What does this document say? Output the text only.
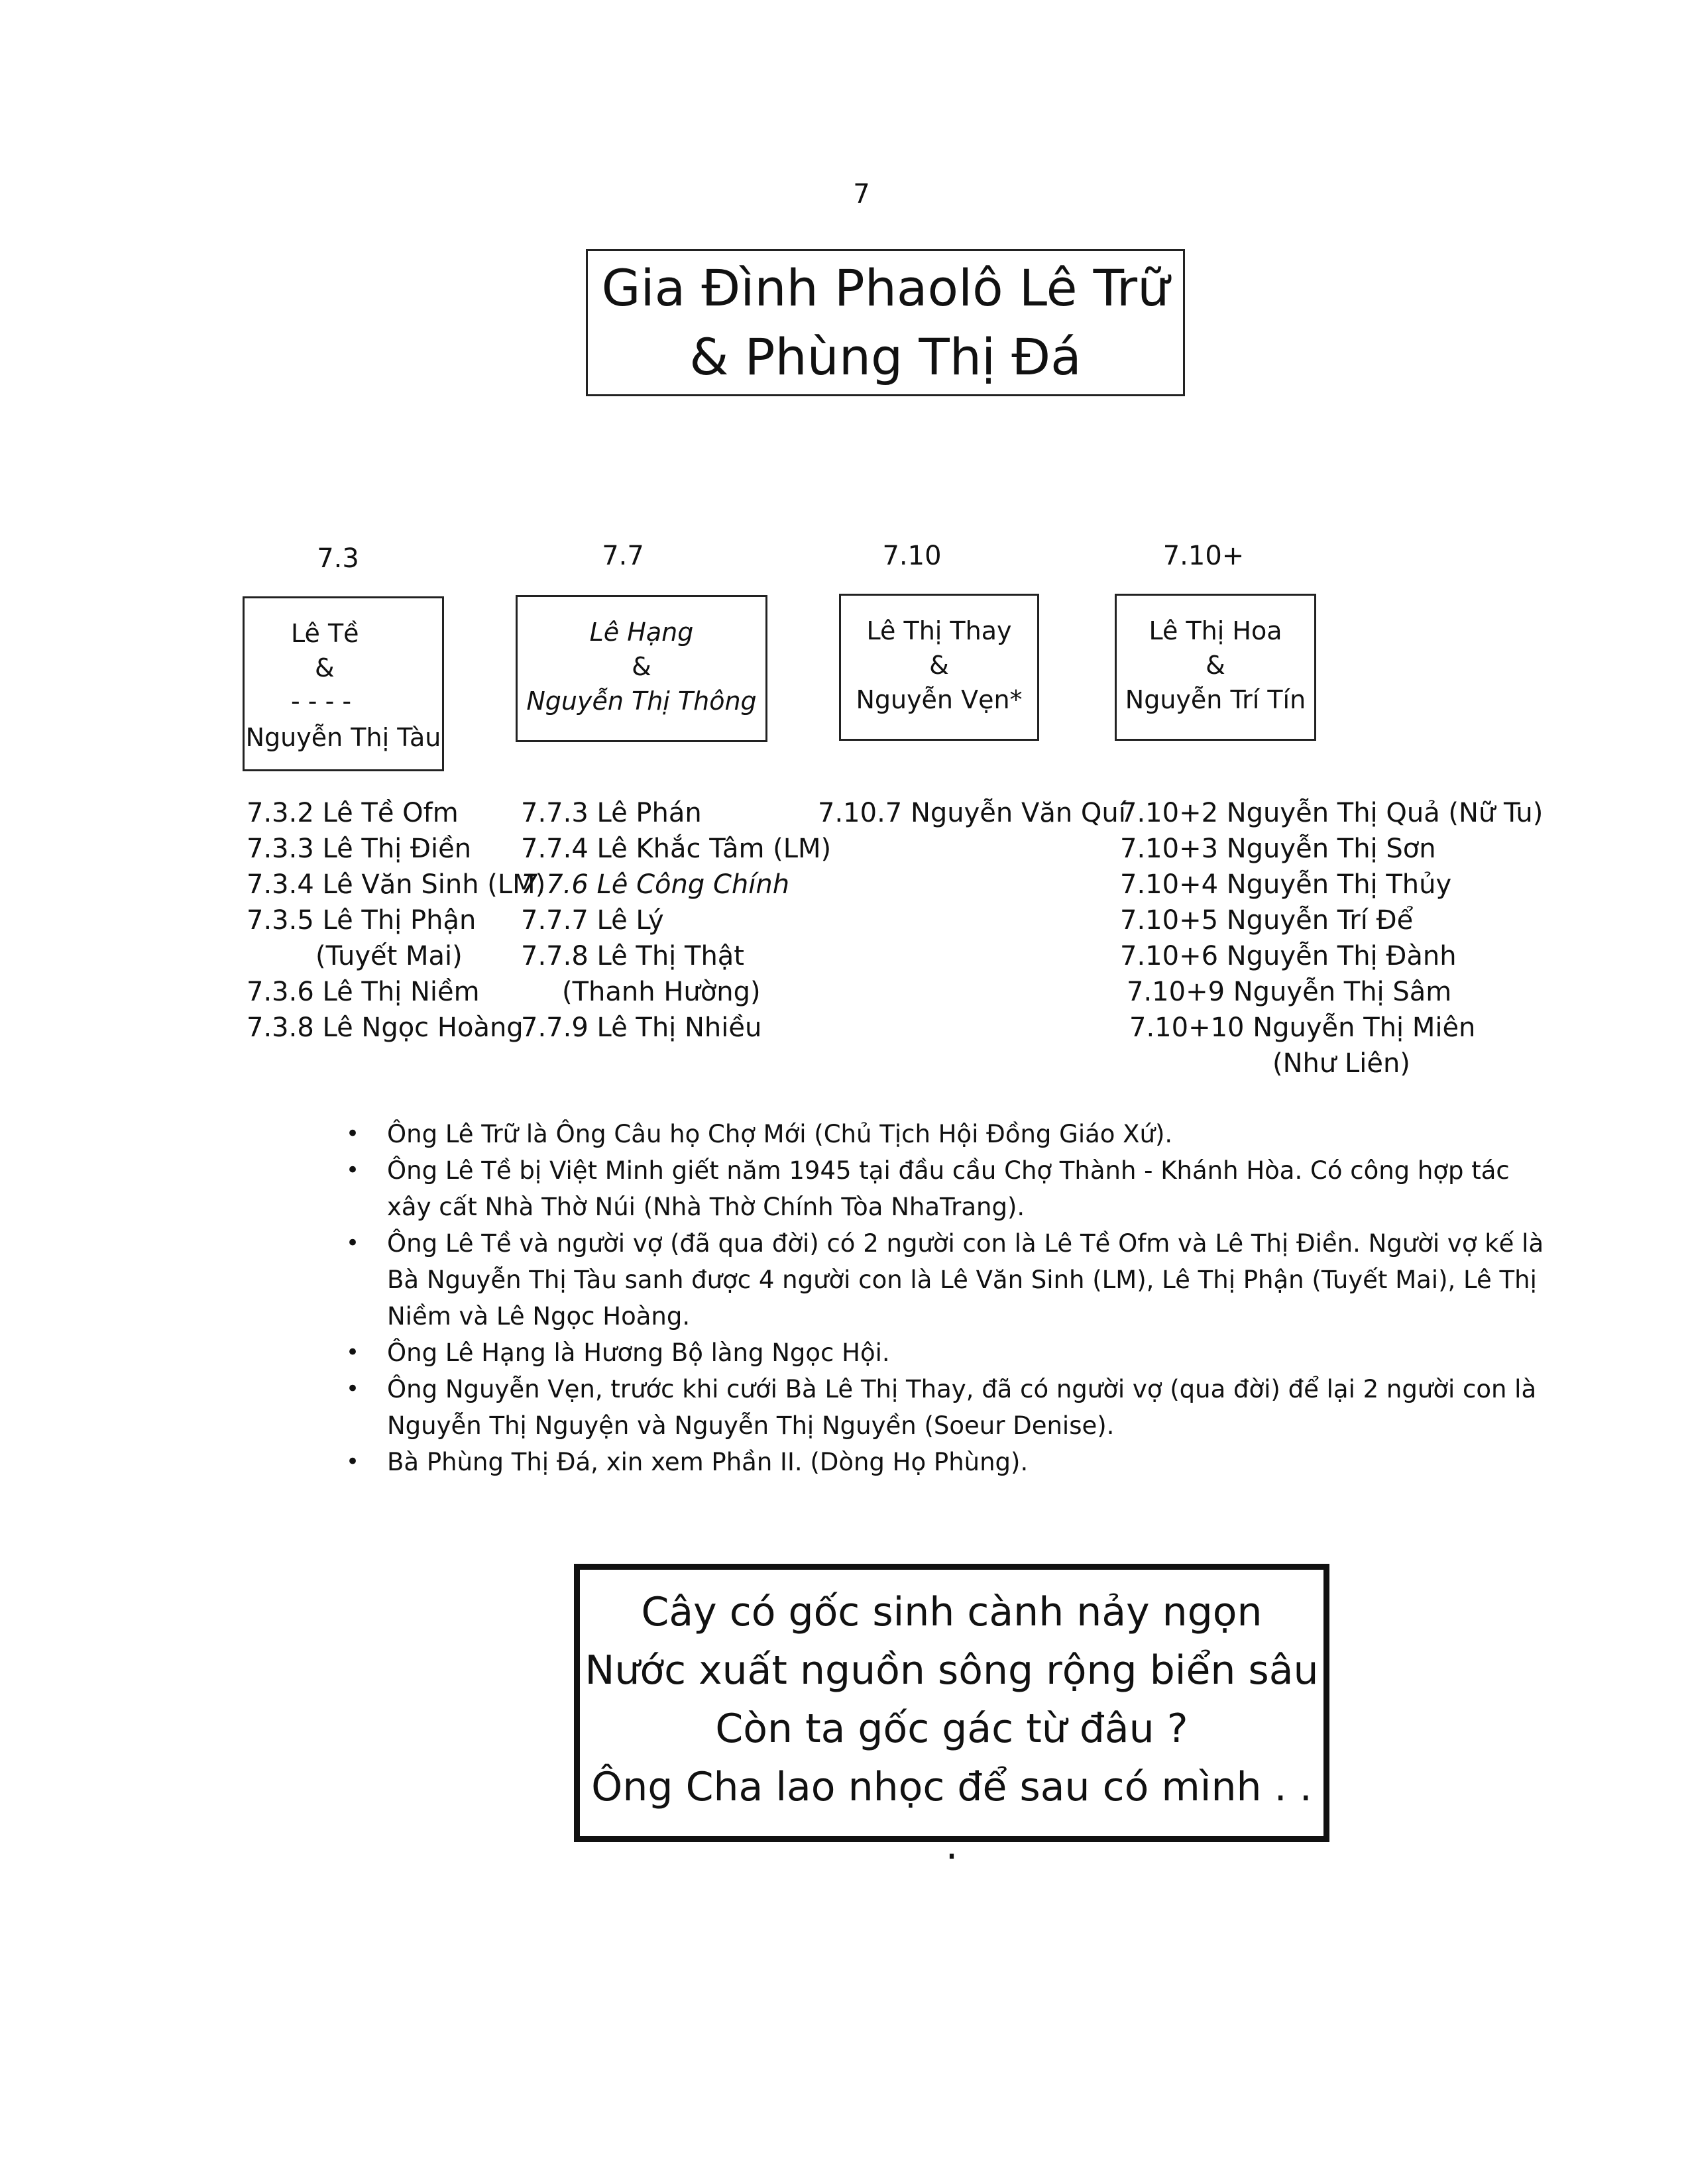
7
Gia Đình Phaolô Lê Trữ
& Phùng Thị Đá
7.3	7.7	7.10	7.10+
Lê Tề
&
- - - -
Nguyễn Thị Tàu
Lê Hạng
&
Nguyễn Thị Thông
Lê Thị Thay
&
Nguyễn Vẹn*
Lê Thị Hoa
&
Nguyễn Trí Tín
7.3.2 Lê Tề Ofm
7.3.3 Lê Thị Điền
7.3.4 Lê Văn Sinh (LM)
7.3.5 Lê Thị Phận
(Tuyết Mai)
7.3.6 Lê Thị Niềm
7.3.8 Lê Ngọc Hoàng
7.7.3 Lê Phán
7.7.4 Lê Khắc Tâm (LM)
7.7.6 Lê Công Chính
7.7.7 Lê Lý
7.7.8 Lê Thị Thật
(Thanh Hường)
7.7.9 Lê Thị Nhiều
7.10.7 Nguyễn Văn Quí
7.10+2 Nguyễn Thị Quả (Nữ Tu)
7.10+3 Nguyễn Thị Sơn
7.10+4 Nguyễn Thị Thủy
7.10+5 Nguyễn Trí Để
7.10+6 Nguyễn Thị Đành
7.10+9 Nguyễn Thị Sâm
7.10+10 Nguyễn Thị Miên
(Như Liên)
• Ông Lê Trữ là Ông Câu họ Chợ Mới (Chủ Tịch Hội Đồng Giáo Xứ).
• Ông Lê Tề bị Việt Minh giết năm 1945 tại đầu cầu Chợ Thành - Khánh Hòa. Có công hợp tác xây cất Nhà Thờ Núi (Nhà Thờ Chính Tòa NhaTrang).
• Ông Lê Tề và người vợ (đã qua đời) có 2 người con là Lê Tề Ofm và Lê Thị Điền. Người vợ kế là Bà Nguyễn Thị Tàu sanh được 4 người con là Lê Văn Sinh (LM), Lê Thị Phận (Tuyết Mai), Lê Thị Niềm và Lê Ngọc Hoàng.
• Ông Lê Hạng là Hương Bộ làng Ngọc Hội.
• Ông Nguyễn Vẹn, trước khi cưới Bà Lê Thị Thay, đã có người vợ (qua đời) để lại 2 người con là Nguyễn Thị Nguyện và Nguyễn Thị Nguyền (Soeur Denise).
• Bà Phùng Thị Đá, xin xem Phần II. (Dòng Họ Phùng).
Cây có gốc sinh cành nảy ngọn
Nước xuất nguồn sông rộng biển sâu
Còn ta gốc gác từ đâu ?
Ông Cha lao nhọc để sau có mình . . .
